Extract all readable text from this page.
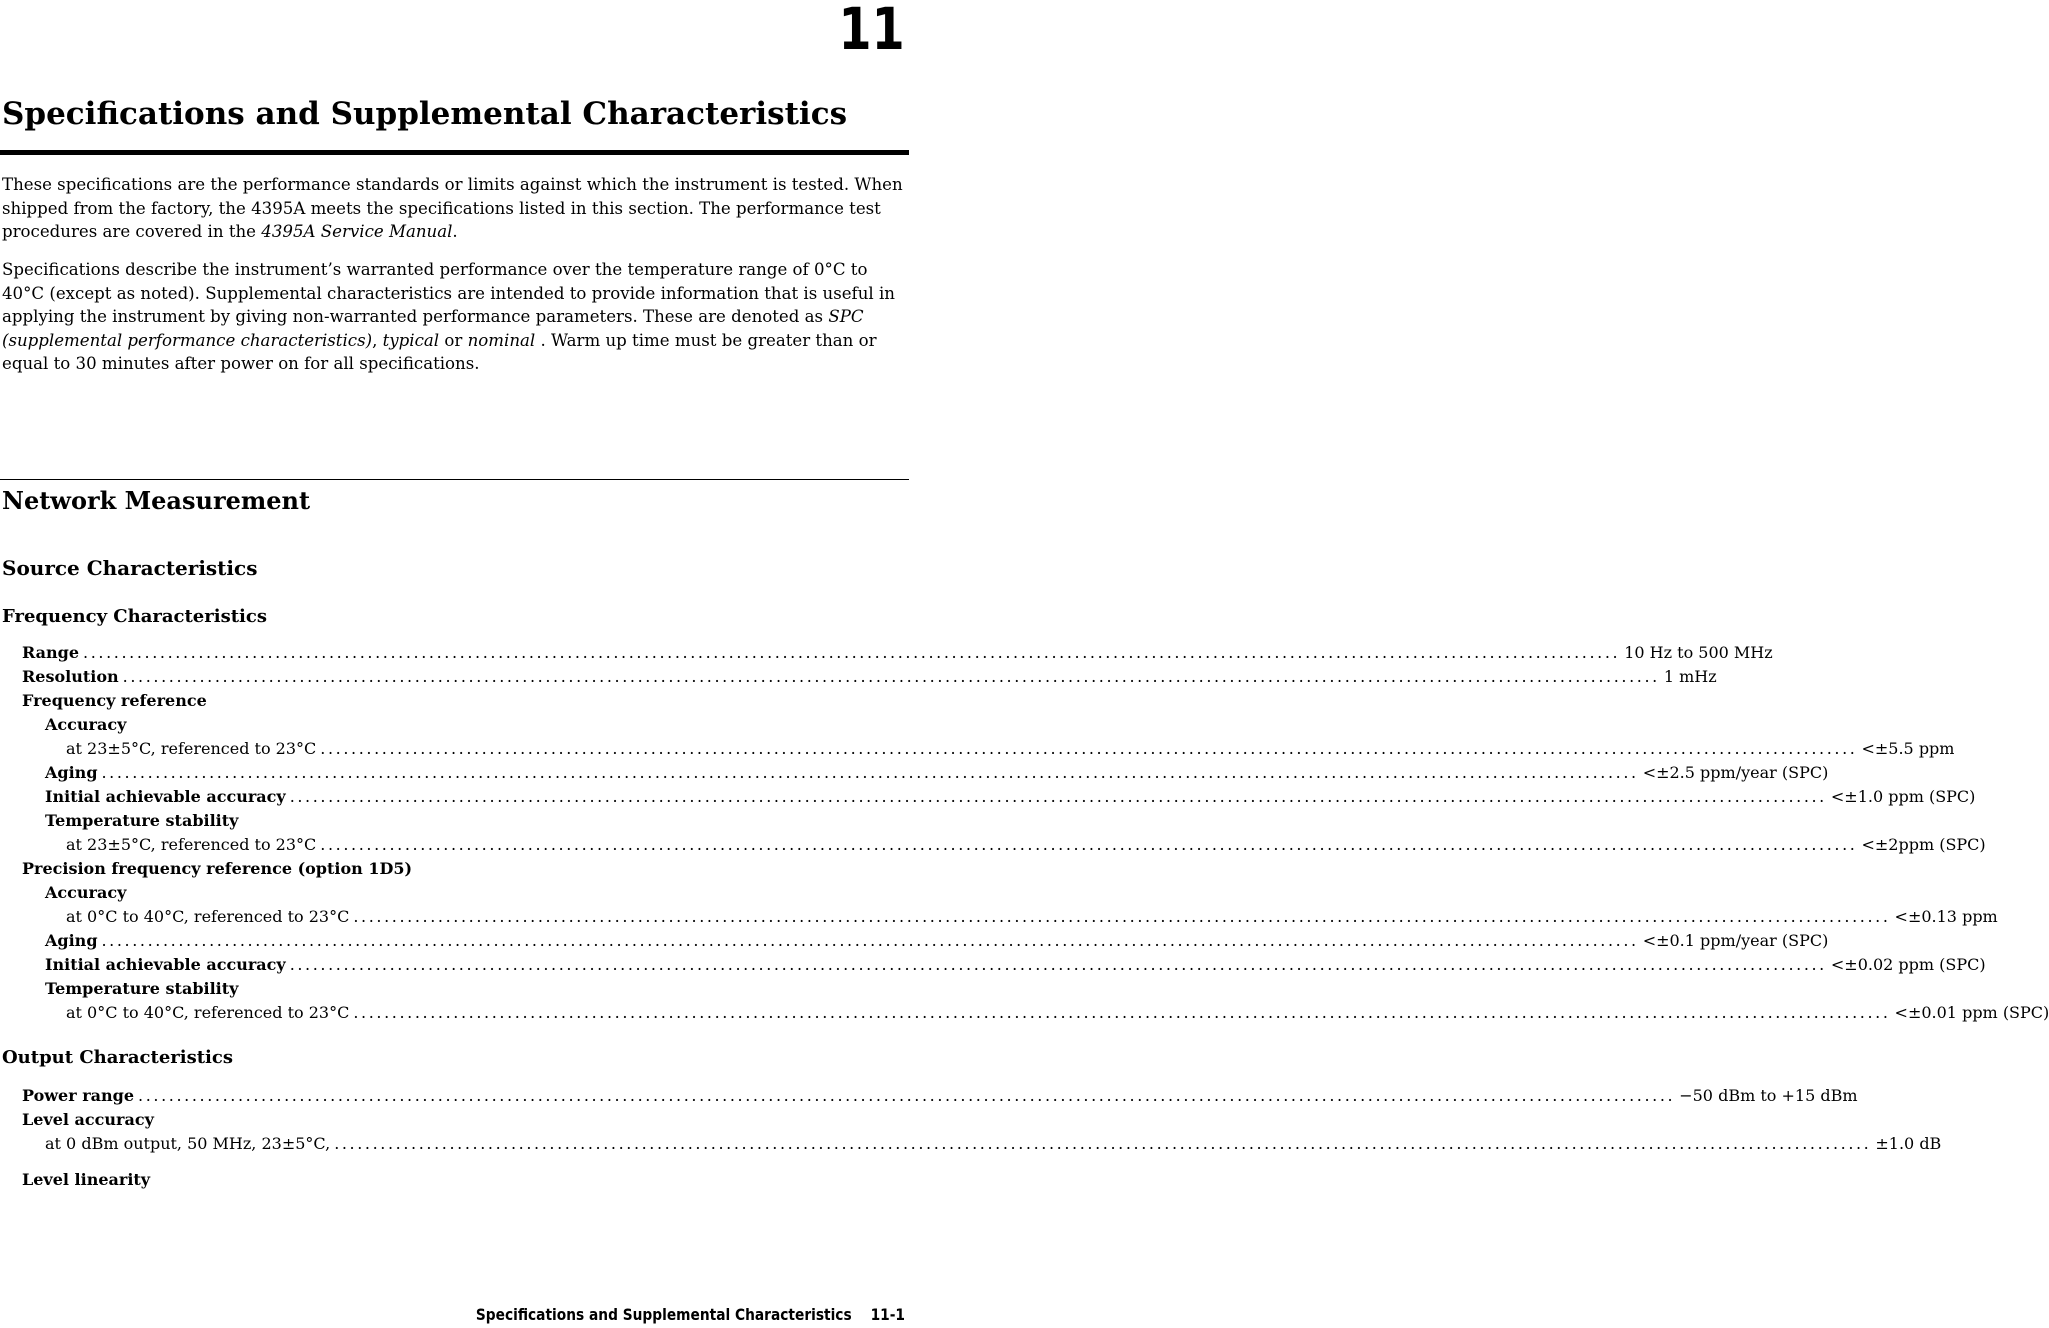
11
Specifications and Supplemental Characteristics

These specifications are the performance standards or limits against which the instrument is tested. When shipped from the factory, the 4395A meets the specifications listed in this section. The performance test procedures are covered in the 4395A Service Manual.

Specifications describe the instrument’s warranted performance over the temperature range of 0°C to 40°C (except as noted). Supplemental characteristics are intended to provide information that is useful in applying the instrument by giving non-warranted performance parameters. These are denoted as SPC (supplemental performance characteristics), typical or nominal . Warm up time must be greater than or equal to 30 minutes after power on for all specifications.

Network Measurement
Source Characteristics
Frequency Characteristics
Range ........................................................................................................................................................................................................ 10 Hz to 500 MHz
Resolution ........................................................................................................................................................................................................ 1 mHz
Frequency reference
Accuracy
at 23±5°C, referenced to 23°C ........................................................................................................................................................................................................ <±5.5 ppm
Aging ........................................................................................................................................................................................................ <±2.5 ppm/year (SPC)
Initial achievable accuracy ........................................................................................................................................................................................................ <±1.0 ppm (SPC)
Temperature stability
at 23±5°C, referenced to 23°C ........................................................................................................................................................................................................ <±2ppm (SPC)
Precision frequency reference (option 1D5)
Accuracy
at 0°C to 40°C, referenced to 23°C ........................................................................................................................................................................................................ <±0.13 ppm
Aging ........................................................................................................................................................................................................ <±0.1 ppm/year (SPC)
Initial achievable accuracy ........................................................................................................................................................................................................ <±0.02 ppm (SPC)
Temperature stability
at 0°C to 40°C, referenced to 23°C ........................................................................................................................................................................................................ <±0.01 ppm (SPC)
Output Characteristics
Power range ........................................................................................................................................................................................................ −50 dBm to +15 dBm
Level accuracy
at 0 dBm output, 50 MHz, 23±5°C, ........................................................................................................................................................................................................ ±1.0 dB
Level linearity
Specifications and Supplemental Characteristics 11-1
